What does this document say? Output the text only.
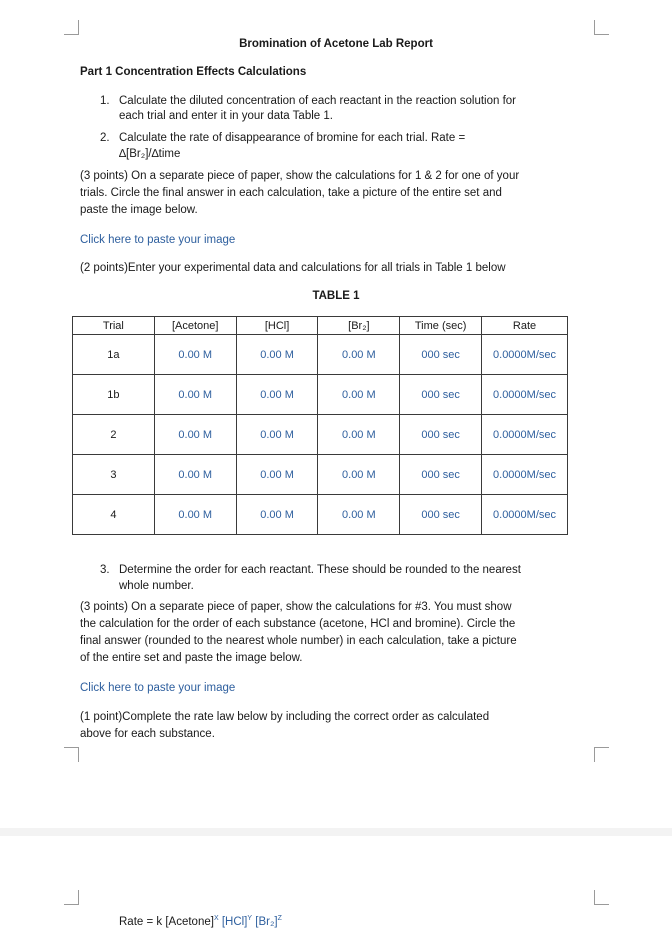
Bromination of Acetone Lab Report
Part 1 Concentration Effects Calculations
1. Calculate the diluted concentration of each reactant in the reaction solution for
each trial and enter it in your data Table 1.
2. Calculate the rate of disappearance of bromine for each trial. Rate =
∆[Br₂]/∆time
(3 points) On a separate piece of paper, show the calculations for 1 & 2 for one of your
trials. Circle the final answer in each calculation, take a picture of the entire set and
paste the image below.
Click here to paste your image
(2 points)Enter your experimental data and calculations for all trials in Table 1 below
TABLE 1
Trial	[Acetone]	[HCl]	[Br₂]	Time (sec)	Rate
1a	0.00 M	0.00 M	0.00 M	000 sec	0.0000M/sec
1b	0.00 M	0.00 M	0.00 M	000 sec	0.0000M/sec
2	0.00 M	0.00 M	0.00 M	000 sec	0.0000M/sec
3	0.00 M	0.00 M	0.00 M	000 sec	0.0000M/sec
4	0.00 M	0.00 M	0.00 M	000 sec	0.0000M/sec
3. Determine the order for each reactant. These should be rounded to the nearest
whole number.
(3 points) On a separate piece of paper, show the calculations for #3. You must show
the calculation for the order of each substance (acetone, HCl and bromine). Circle the
final answer (rounded to the nearest whole number) in each calculation, take a picture
of the entire set and paste the image below.
Click here to paste your image
(1 point)Complete the rate law below by including the correct order as calculated
above for each substance.
Rate = k [Acetone]$^X$ [HCl]$^Y$ $[Br_2]^Z$
